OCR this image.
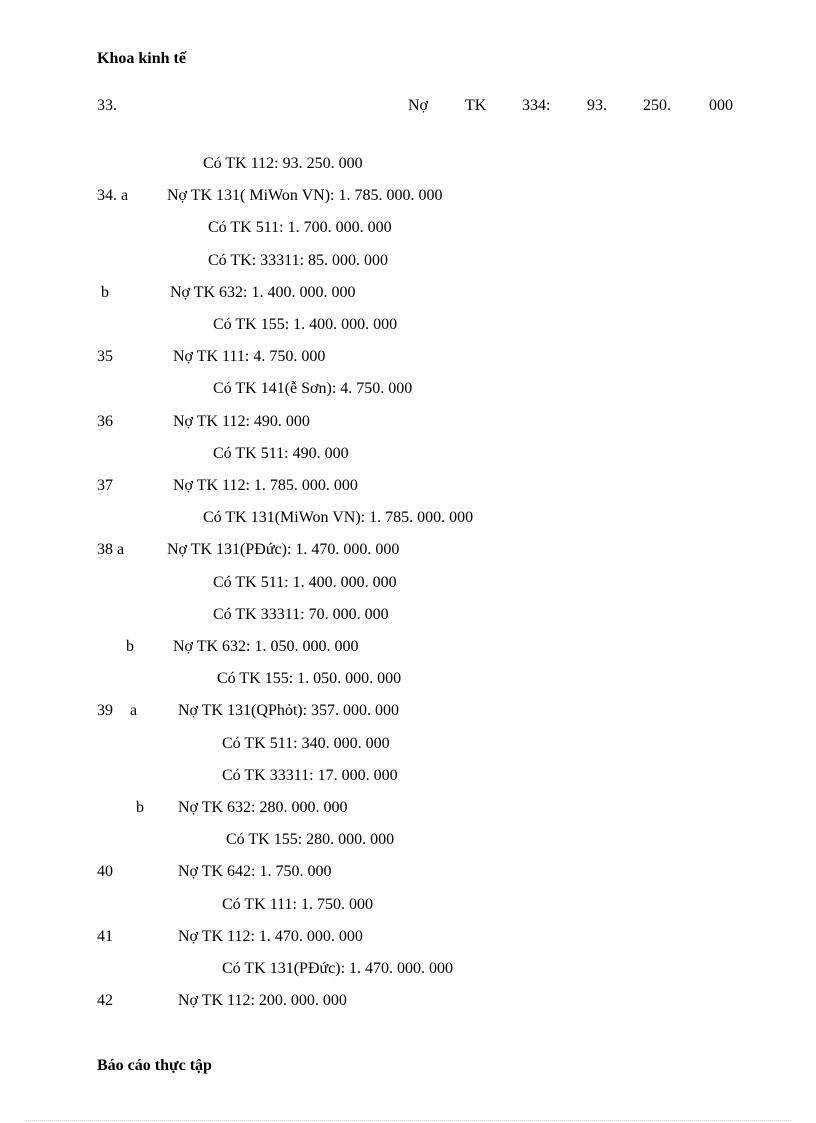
Khoa kinh tế
33.	Nợ TK 334: 93. 250. 000
Có TK 112: 93. 250. 000
34. a Nợ TK 131( MiWon VN): 1. 785. 000. 000
Có TK 511: 1. 700. 000. 000
Có TK: 33311: 85. 000. 000
b	Nợ TK 632: 1. 400. 000. 000
Có TK 155: 1. 400. 000. 000
35	Nợ TK 111: 4. 750. 000
Có TK 141(ễ Sơn): 4. 750. 000
36	Nợ TK 112: 490. 000
Có TK 511: 490. 000
37	Nợ TK 112: 1. 785. 000. 000
Có TK 131(MiWon VN): 1. 785. 000. 000
38 a	Nợ TK 131(PĐức): 1. 470. 000. 000
Có TK 511: 1. 400. 000. 000
Có TK 33311: 70. 000. 000
b Nợ TK 632: 1. 050. 000. 000
Có TK 155: 1. 050. 000. 000
39 a	Nợ TK 131(QPhỏt): 357. 000. 000
Có TK 511: 340. 000. 000
Có TK 33311: 17. 000. 000
b Nợ TK 632: 280. 000. 000
Có TK 155: 280. 000. 000
40	Nợ TK 642: 1. 750. 000
Có TK 111: 1. 750. 000
41	Nợ TK 112: 1. 470. 000. 000
Có TK 131(PĐức): 1. 470. 000. 000
42	Nợ TK 112: 200. 000. 000
Báo cáo thực tập
